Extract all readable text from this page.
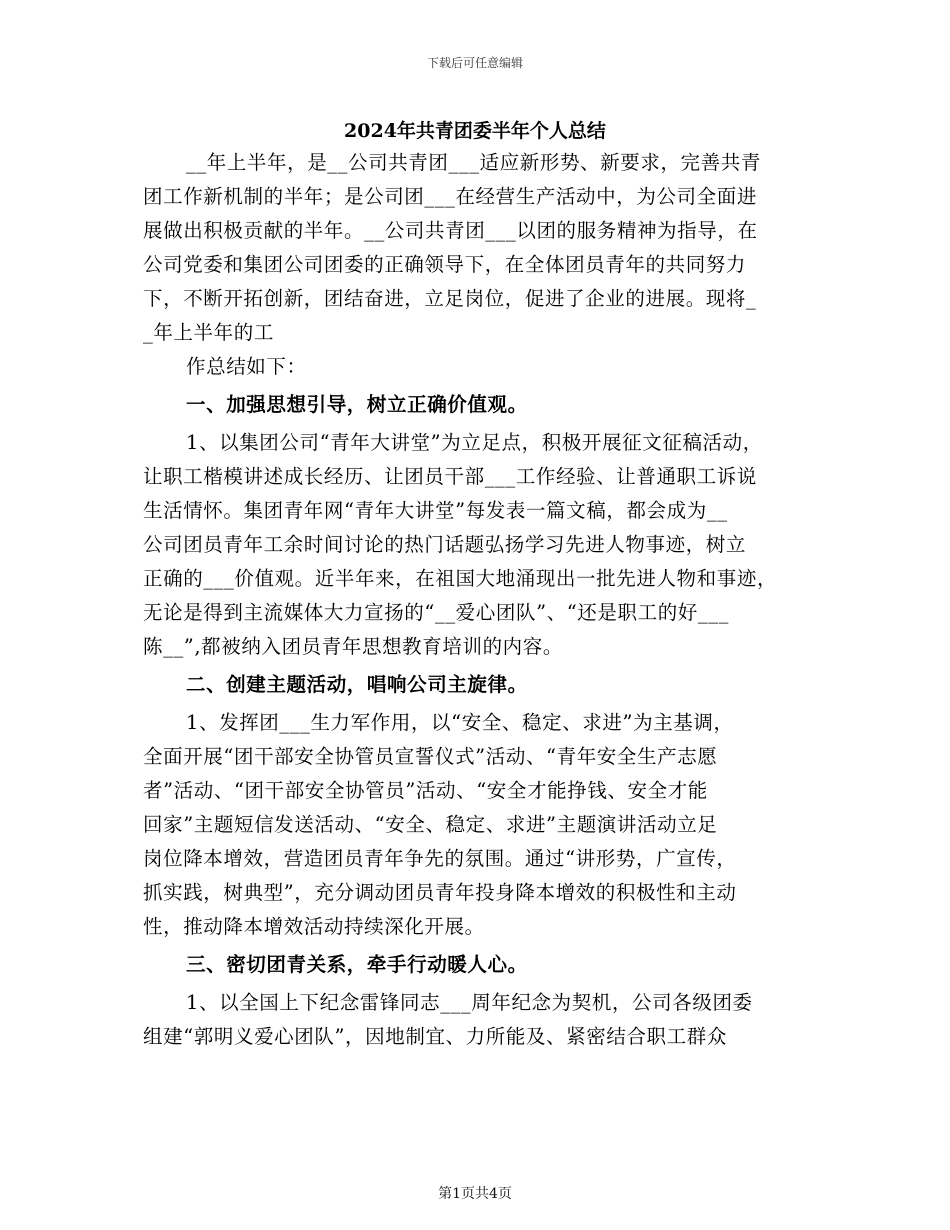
下载后可任意编辑
2024年共青团委半年个人总结
__年上半年，是__公司共青团___适应新形势、新要求，完善共青
团工作新机制的半年；是公司团___在经营生产活动中，为公司全面进
展做出积极贡献的半年。__公司共青团___以团的服务精神为指导，在
公司党委和集团公司团委的正确领导下，在全体团员青年的共同努力
下，不断开拓创新，团结奋进，立足岗位，促进了企业的进展。现将_
_年上半年的工
作总结如下：
一、加强思想引导，树立正确价值观。
1、以集团公司“青年大讲堂”为立足点，积极开展征文征稿活动，
让职工楷模讲述成长经历、让团员干部___工作经验、让普通职工诉说
生活情怀。集团青年网“青年大讲堂”每发表一篇文稿，都会成为__
公司团员青年工余时间讨论的热门话题弘扬学习先进人物事迹，树立
正确的___价值观。近半年来，在祖国大地涌现出一批先进人物和事迹，
无论是得到主流媒体大力宣扬的“__爱心团队”、“还是职工的好___
陈__”,都被纳入团员青年思想教育培训的内容。
二、创建主题活动，唱响公司主旋律。
1、发挥团___生力军作用，以“安全、稳定、求进”为主基调，
全面开展“团干部安全协管员宣誓仪式”活动、“青年安全生产志愿
者”活动、“团干部安全协管员”活动、“安全才能挣钱、安全才能
回家”主题短信发送活动、“安全、稳定、求进”主题演讲活动立足
岗位降本增效，营造团员青年争先的氛围。通过“讲形势，广宣传，
抓实践，树典型”，充分调动团员青年投身降本增效的积极性和主动
性，推动降本增效活动持续深化开展。
三、密切团青关系，牵手行动暖人心。
1、以全国上下纪念雷锋同志___周年纪念为契机，公司各级团委
组建“郭明义爱心团队”，因地制宜、力所能及、紧密结合职工群众
第1页共4页
